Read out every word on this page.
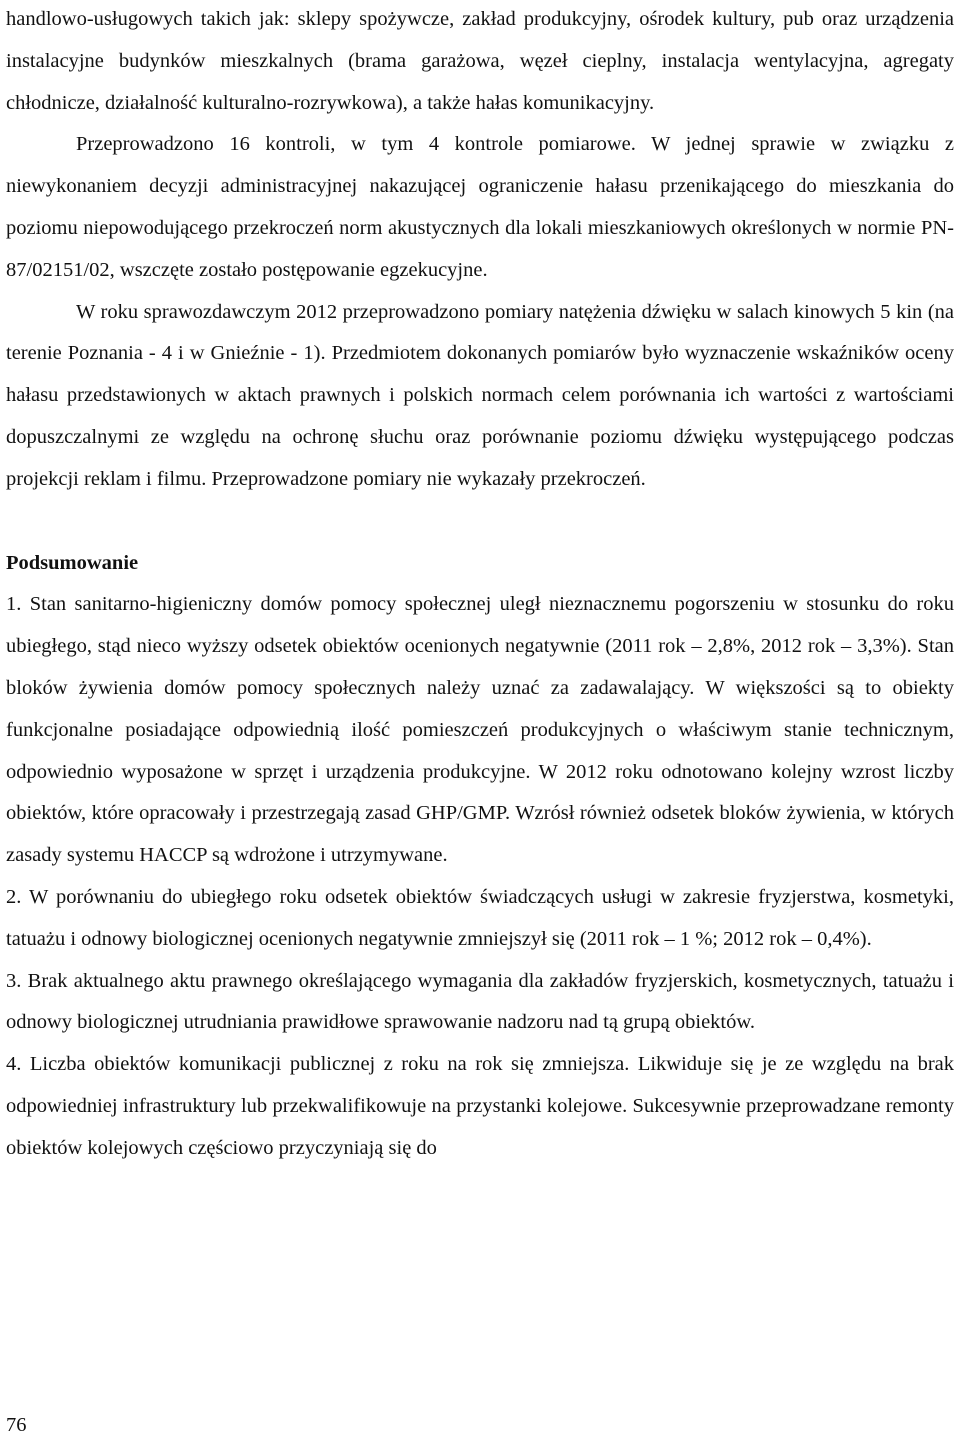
handlowo-usługowych takich jak: sklepy spożywcze, zakład produkcyjny, ośrodek kultury, pub oraz urządzenia instalacyjne budynków mieszkalnych (brama garażowa, węzeł cieplny, instalacja wentylacyjna, agregaty chłodnicze, działalność kulturalno-rozrywkowa), a także hałas komunikacyjny.

Przeprowadzono 16 kontroli, w tym 4 kontrole pomiarowe. W jednej sprawie w związku z niewykonaniem decyzji administracyjnej nakazującej ograniczenie hałasu przenikającego do mieszkania do poziomu niepowodującego przekroczeń norm akustycznych dla lokali mieszkaniowych określonych w normie PN-87/02151/02, wszczęte zostało postępowanie egzekucyjne.

W roku sprawozdawczym 2012 przeprowadzono pomiary natężenia dźwięku w salach kinowych 5 kin (na terenie Poznania - 4 i w Gnieźnie - 1). Przedmiotem dokonanych pomiarów było wyznaczenie wskaźników oceny hałasu przedstawionych w aktach prawnych i polskich normach celem porównania ich wartości z wartościami dopuszczalnymi ze względu na ochronę słuchu oraz porównanie poziomu dźwięku występującego podczas projekcji reklam i filmu. Przeprowadzone pomiary nie wykazały przekroczeń.

Podsumowanie

1. Stan sanitarno-higieniczny domów pomocy społecznej uległ nieznacznemu pogorszeniu w stosunku do roku ubiegłego, stąd nieco wyższy odsetek obiektów ocenionych negatywnie (2011 rok – 2,8%, 2012 rok – 3,3%). Stan bloków żywienia domów pomocy społecznych należy uznać za zadawalający. W większości są to obiekty funkcjonalne posiadające odpowiednią ilość pomieszczeń produkcyjnych o właściwym stanie technicznym, odpowiednio wyposażone w sprzęt i urządzenia produkcyjne. W 2012 roku odnotowano kolejny wzrost liczby obiektów, które opracowały i przestrzegają zasad GHP/GMP. Wzrósł również odsetek bloków żywienia, w których zasady systemu HACCP są wdrożone i utrzymywane.

2. W porównaniu do ubiegłego roku odsetek obiektów świadczących usługi w zakresie fryzjerstwa, kosmetyki, tatuażu i odnowy biologicznej ocenionych negatywnie zmniejszył się (2011 rok – 1 %; 2012 rok – 0,4%).

3. Brak aktualnego aktu prawnego określającego wymagania dla zakładów fryzjerskich, kosmetycznych, tatuażu i odnowy biologicznej utrudniania prawidłowe sprawowanie nadzoru nad tą grupą obiektów.

4. Liczba obiektów komunikacji publicznej z roku na rok się zmniejsza. Likwiduje się je ze względu na brak odpowiedniej infrastruktury lub przekwalifikowuje na przystanki kolejowe. Sukcesywnie przeprowadzane remonty obiektów kolejowych częściowo przyczyniają się do

76
